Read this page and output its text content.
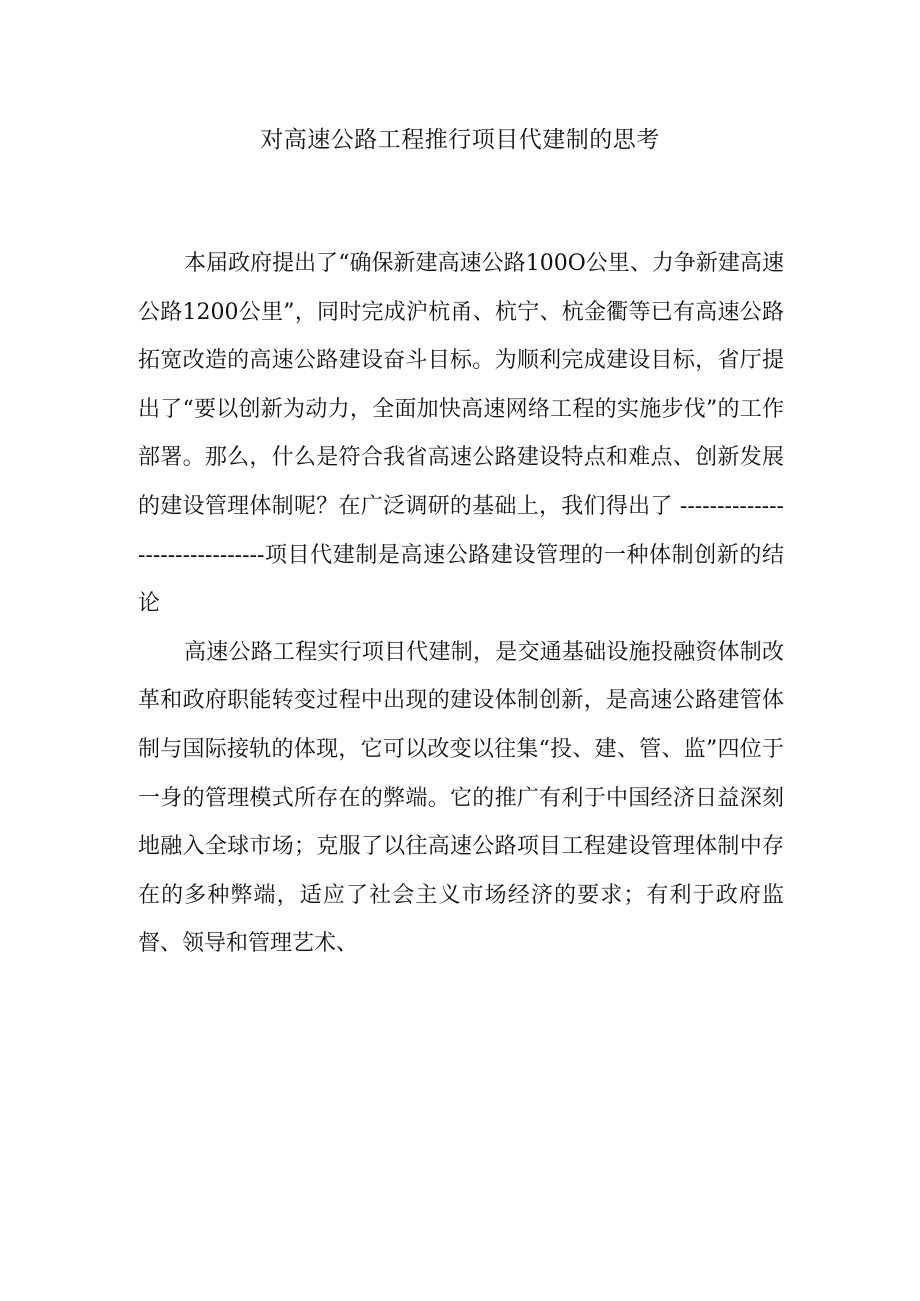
对高速公路工程推行项目代建制的思考

本届政府提出了“确保新建高速公路100O公里、力争新建高速公路1200公里”，同时完成沪杭甬、杭宁、杭金衢等已有高速公路拓宽改造的高速公路建设奋斗目标。为顺利完成建设目标，省厅提出了“要以创新为动力，全面加快高速网络工程的实施步伐”的工作部署。那么，什么是符合我省高速公路建设特点和难点、创新发展的建设管理体制呢？在广泛调研的基础上，我们得出了 -------------------------------项目代建制是高速公路建设管理的一种体制创新的结论

高速公路工程实行项目代建制，是交通基础设施投融资体制改革和政府职能转变过程中出现的建设体制创新，是高速公路建管体制与国际接轨的体现，它可以改变以往集“投、建、管、监”四位于一身的管理模式所存在的弊端。它的推广有利于中国经济日益深刻地融入全球市场；克服了以往高速公路项目工程建设管理体制中存在的多种弊端，适应了社会主义市场经济的要求；有利于政府监督、领导和管理艺术、
